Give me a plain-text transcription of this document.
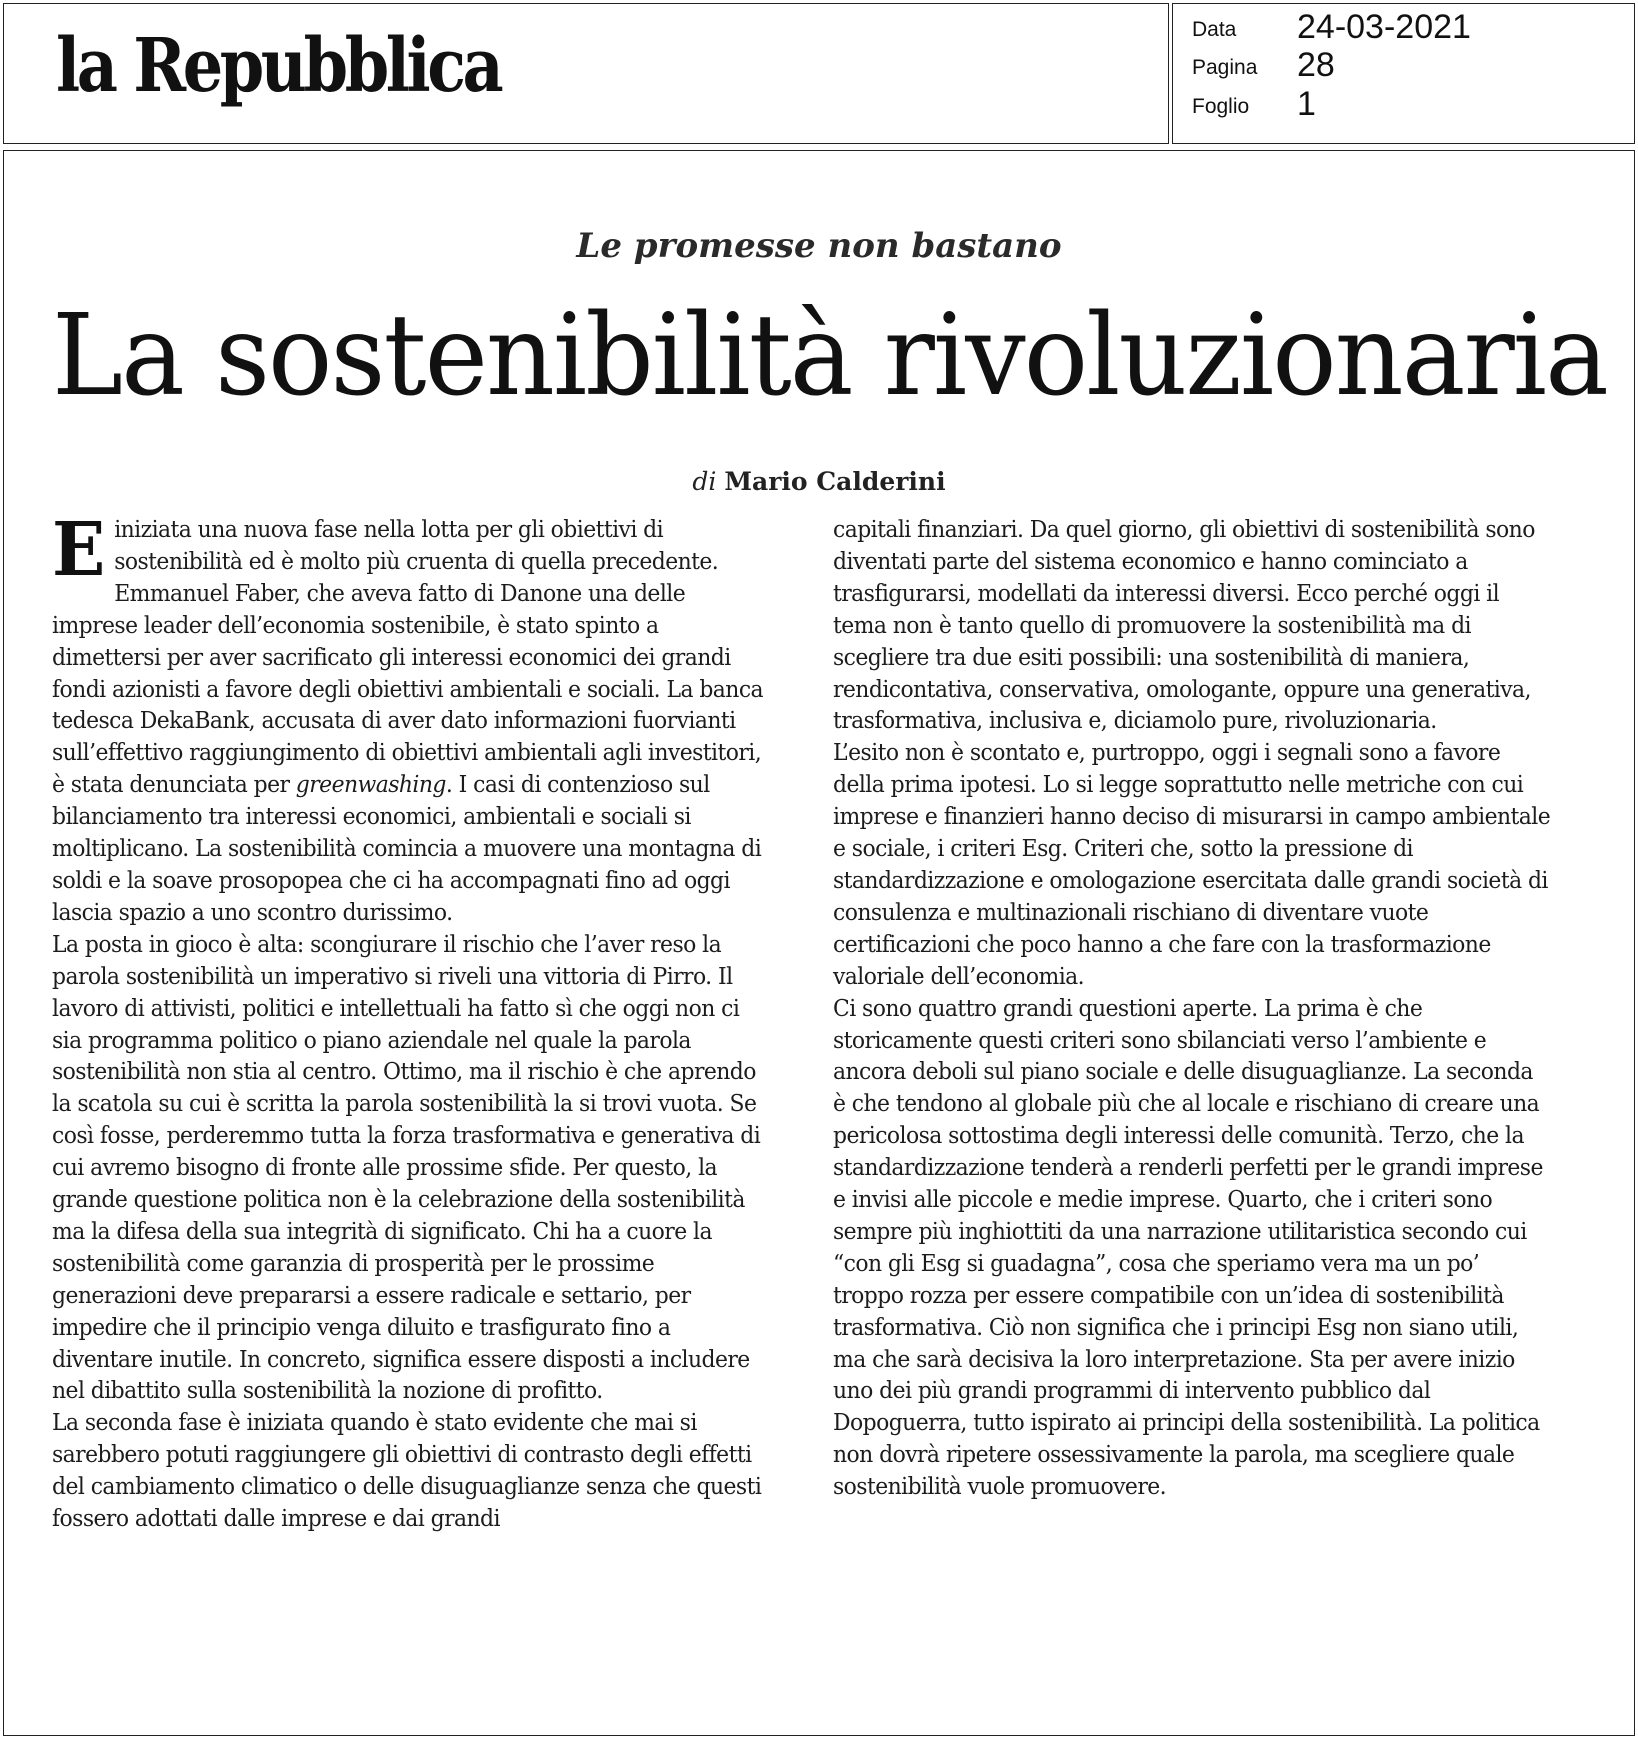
la Repubblica	Data 24-03-2021
Pagina 28
Foglio 1
Le promesse non bastano
La sostenibilità rivoluzionaria
di Mario Calderini

E iniziata una nuova fase nella lotta per gli obiettivi di sostenibilità ed è molto più cruenta di quella precedente. Emmanuel Faber, che aveva fatto di Danone una delle imprese leader dell’economia sostenibile, è stato spinto a dimettersi per aver sacrificato gli interessi economici dei grandi fondi azionisti a favore degli obiettivi ambientali e sociali. La banca tedesca DekaBank, accusata di aver dato informazioni fuorvianti sull’effettivo raggiungimento di obiettivi ambientali agli investitori, è stata denunciata per greenwashing. I casi di contenzioso sul bilanciamento tra interessi economici, ambientali e sociali si moltiplicano. La sostenibilità comincia a muovere una montagna di soldi e la soave prosopopea che ci ha accompagnati fino ad oggi lascia spazio a uno scontro durissimo.

La posta in gioco è alta: scongiurare il rischio che l’aver reso la parola sostenibilità un imperativo si riveli una vittoria di Pirro. Il lavoro di attivisti, politici e intellettuali ha fatto sì che oggi non ci sia programma politico o piano aziendale nel quale la parola sostenibilità non stia al centro. Ottimo, ma il rischio è che aprendo la scatola su cui è scritta la parola sostenibilità la si trovi vuota. Se così fosse, perderemmo tutta la forza trasformativa e generativa di cui avremo bisogno di fronte alle prossime sfide. Per questo, la grande questione politica non è la celebrazione della sostenibilità ma la difesa della sua integrità di significato. Chi ha a cuore la sostenibilità come garanzia di prosperità per le prossime generazioni deve prepararsi a essere radicale e settario, per impedire che il principio venga diluito e trasfigurato fino a diventare inutile. In concreto, significa essere disposti a includere nel dibattito sulla sostenibilità la nozione di profitto.

La seconda fase è iniziata quando è stato evidente che mai si sarebbero potuti raggiungere gli obiettivi di contrasto degli effetti del cambiamento climatico o delle disuguaglianze senza che questi fossero adottati dalle imprese e dai grandi

capitali finanziari. Da quel giorno, gli obiettivi di sostenibilità sono diventati parte del sistema economico e hanno cominciato a trasfigurarsi, modellati da interessi diversi. Ecco perché oggi il tema non è tanto quello di promuovere la sostenibilità ma di scegliere tra due esiti possibili: una sostenibilità di maniera, rendicontativa, conservativa, omologante, oppure una generativa, trasformativa, inclusiva e, diciamolo pure, rivoluzionaria.

L’esito non è scontato e, purtroppo, oggi i segnali sono a favore della prima ipotesi. Lo si legge soprattutto nelle metriche con cui imprese e finanzieri hanno deciso di misurarsi in campo ambientale e sociale, i criteri Esg. Criteri che, sotto la pressione di standardizzazione e omologazione esercitata dalle grandi società di consulenza e multinazionali rischiano di diventare vuote certificazioni che poco hanno a che fare con la trasformazione valoriale dell’economia.

Ci sono quattro grandi questioni aperte. La prima è che storicamente questi criteri sono sbilanciati verso l’ambiente e ancora deboli sul piano sociale e delle disuguaglianze. La seconda è che tendono al globale più che al locale e rischiano di creare una pericolosa sottostima degli interessi delle comunità. Terzo, che la standardizzazione tenderà a renderli perfetti per le grandi imprese e invisi alle piccole e medie imprese. Quarto, che i criteri sono sempre più inghiottiti da una narrazione utilitaristica secondo cui “con gli Esg si guadagna”, cosa che speriamo vera ma un po’ troppo rozza per essere compatibile con un’idea di sostenibilità trasformativa. Ciò non significa che i principi Esg non siano utili, ma che sarà decisiva la loro interpretazione. Sta per avere inizio uno dei più grandi programmi di intervento pubblico dal Dopoguerra, tutto ispirato ai principi della sostenibilità. La politica non dovrà ripetere ossessivamente la parola, ma scegliere quale sostenibilità vuole promuovere.
